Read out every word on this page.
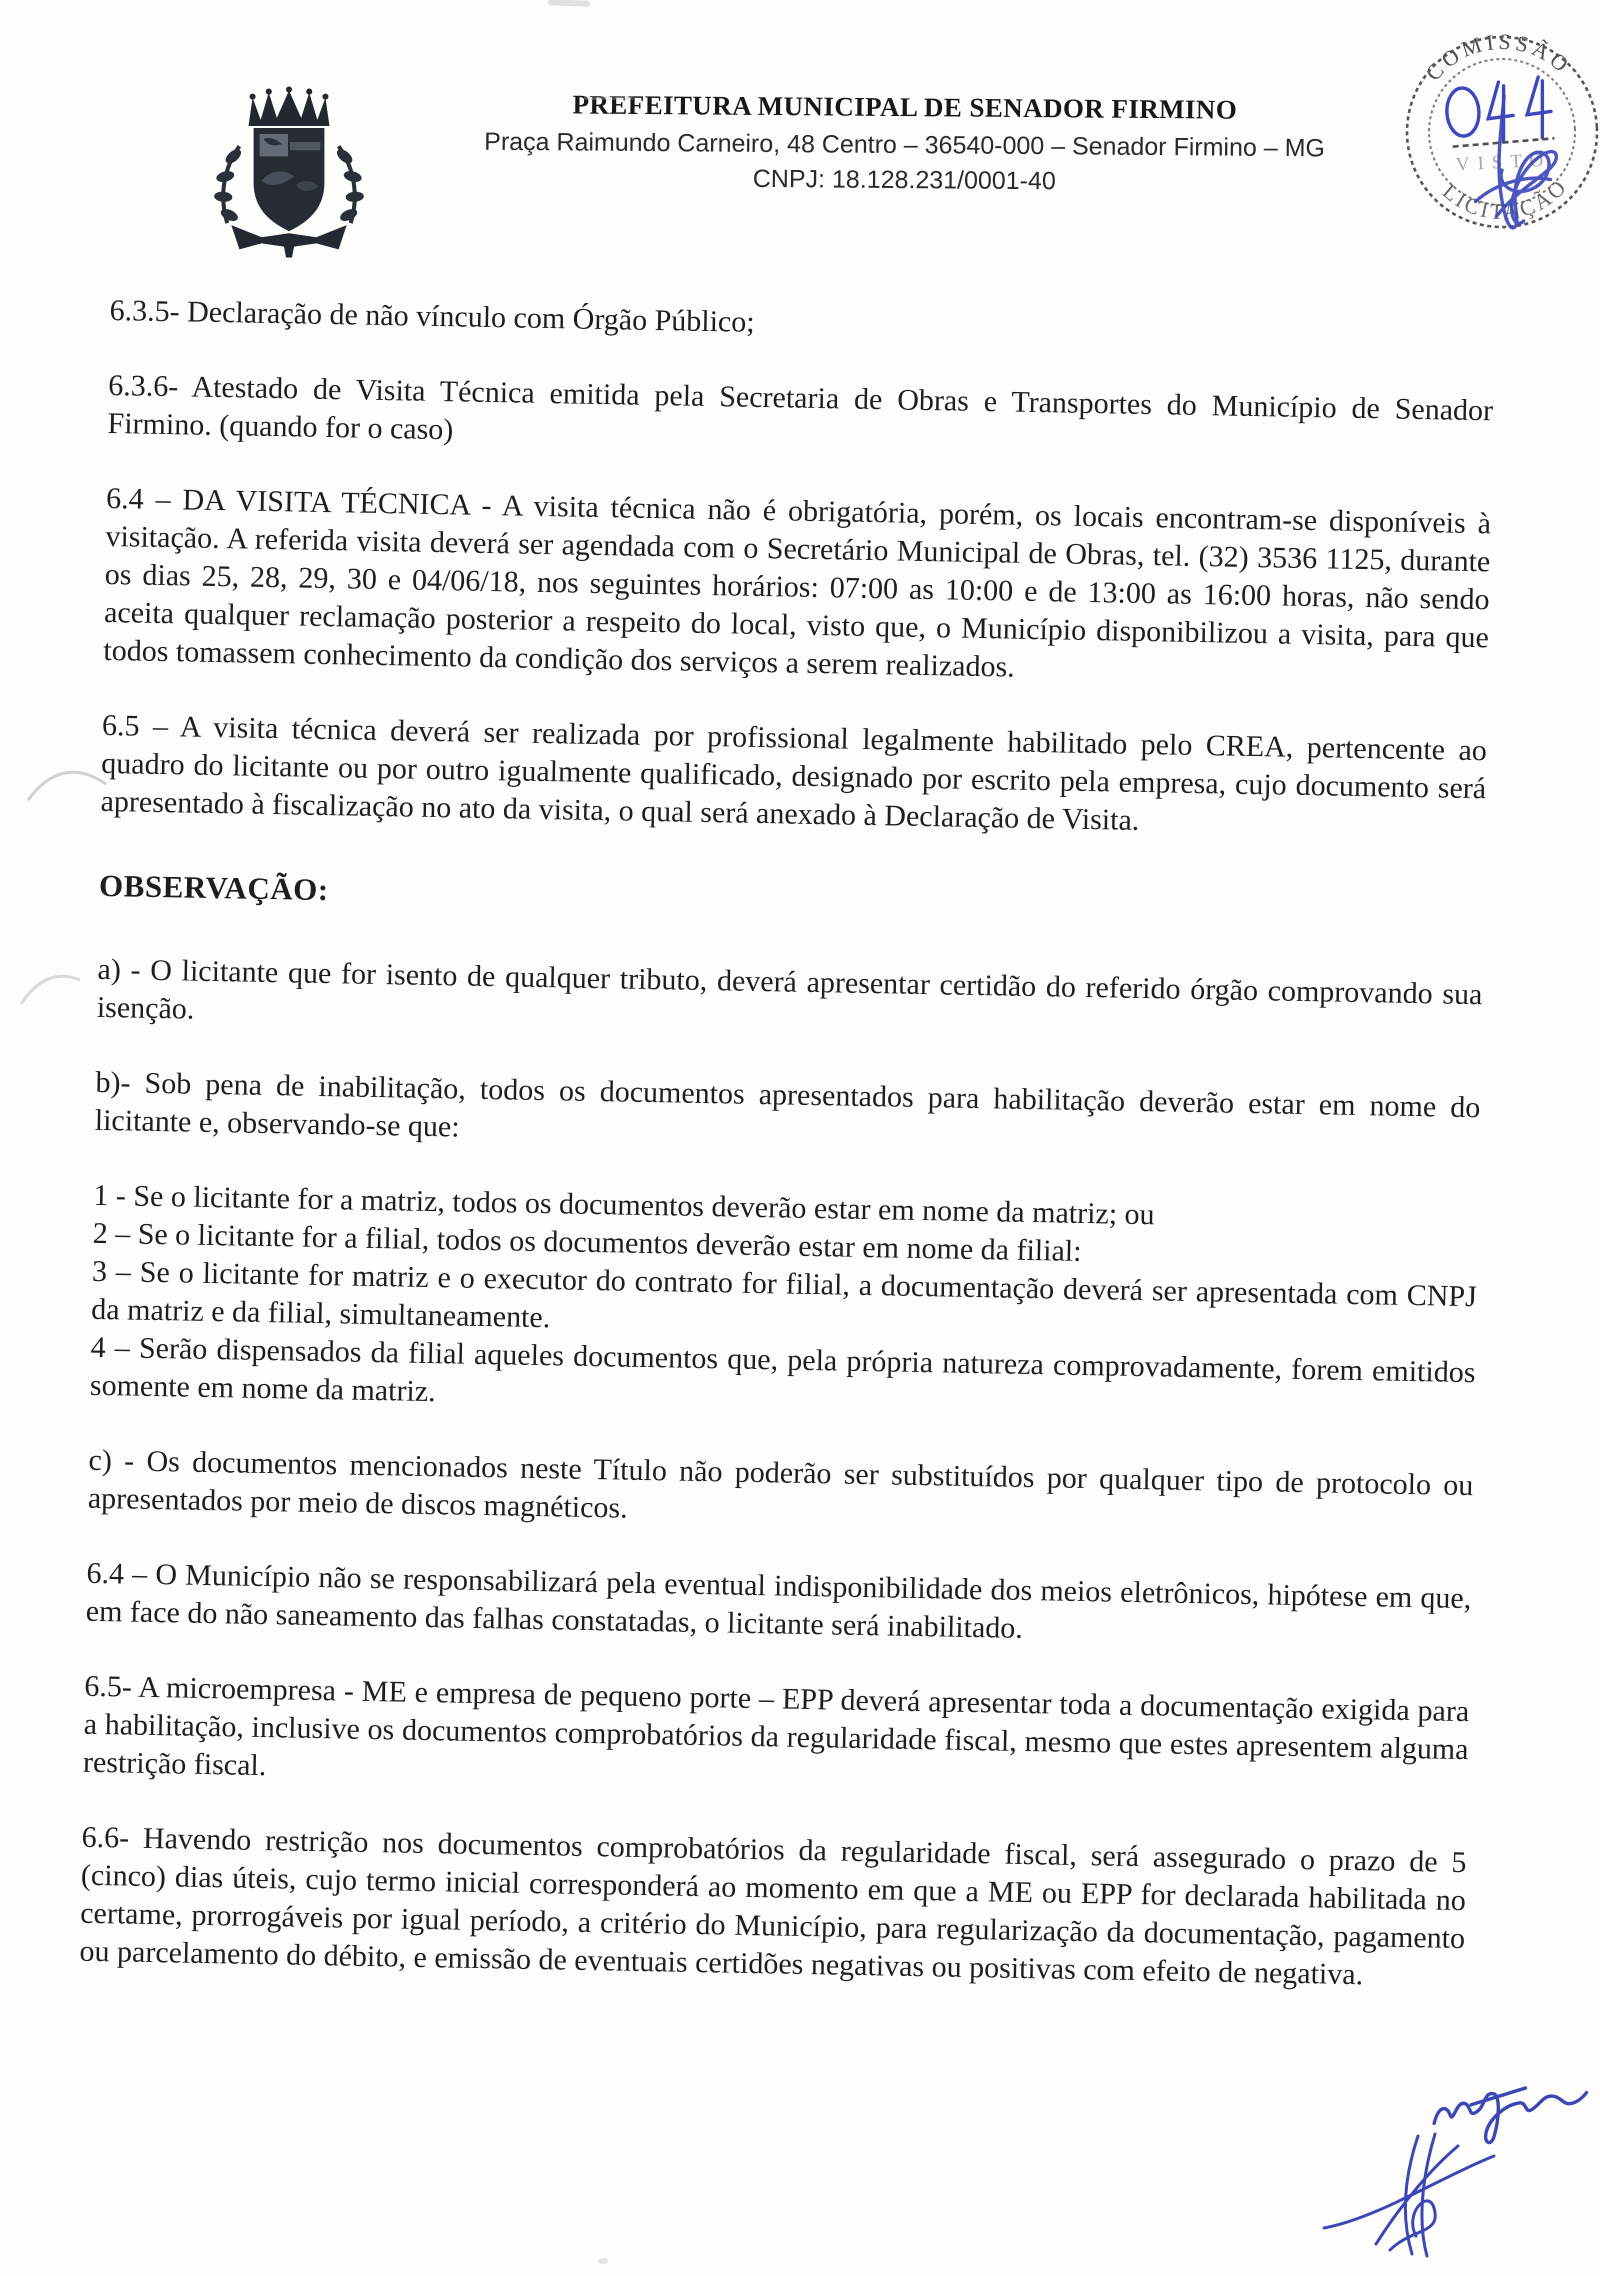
PREFEITURA MUNICIPAL DE SENADOR FIRMINO

Praça Raimundo Carneiro, 48 Centro – 36540-000 – Senador Firmino – MG

CNPJ: 18.128.231/0001-40

COMISSÃO
LICITAÇÃO
VISTO

6.3.5- Declaração de não vínculo com Órgão Público;

6.3.6- Atestado de Visita Técnica emitida pela Secretaria de Obras e Transportes do Município de Senador Firmino. (quando for o caso)

6.4 – DA VISITA TÉCNICA - A visita técnica não é obrigatória, porém, os locais encontram-se disponíveis à visitação. A referida visita deverá ser agendada com o Secretário Municipal de Obras, tel. (32) 3536 1125, durante os dias 25, 28, 29, 30 e 04/06/18, nos seguintes horários: 07:00 as 10:00 e de 13:00 as 16:00 horas, não sendo aceita qualquer reclamação posterior a respeito do local, visto que, o Município disponibilizou a visita, para que todos tomassem conhecimento da condição dos serviços a serem realizados.

6.5 – A visita técnica deverá ser realizada por profissional legalmente habilitado pelo CREA, pertencente ao quadro do licitante ou por outro igualmente qualificado, designado por escrito pela empresa, cujo documento será apresentado à fiscalização no ato da visita, o qual será anexado à Declaração de Visita.

OBSERVAÇÃO:

a) - O licitante que for isento de qualquer tributo, deverá apresentar certidão do referido órgão comprovando sua isenção.

b)- Sob pena de inabilitação, todos os documentos apresentados para habilitação deverão estar em nome do licitante e, observando-se que:

1 - Se o licitante for a matriz, todos os documentos deverão estar em nome da matriz; ou

2 – Se o licitante for a filial, todos os documentos deverão estar em nome da filial:

3 – Se o licitante for matriz e o executor do contrato for filial, a documentação deverá ser apresentada com CNPJ da matriz e da filial, simultaneamente.

4 – Serão dispensados da filial aqueles documentos que, pela própria natureza comprovadamente, forem emitidos somente em nome da matriz.

c) - Os documentos mencionados neste Título não poderão ser substituídos por qualquer tipo de protocolo ou apresentados por meio de discos magnéticos.

6.4 – O Município não se responsabilizará pela eventual indisponibilidade dos meios eletrônicos, hipótese em que, em face do não saneamento das falhas constatadas, o licitante será inabilitado.

6.5- A microempresa - ME e empresa de pequeno porte – EPP deverá apresentar toda a documentação exigida para a habilitação, inclusive os documentos comprobatórios da regularidade fiscal, mesmo que estes apresentem alguma restrição fiscal.

6.6- Havendo restrição nos documentos comprobatórios da regularidade fiscal, será assegurado o prazo de 5 (cinco) dias úteis, cujo termo inicial corresponderá ao momento em que a ME ou EPP for declarada habilitada no certame, prorrogáveis por igual período, a critério do Município, para regularização da documentação, pagamento ou parcelamento do débito, e emissão de eventuais certidões negativas ou positivas com efeito de negativa.
